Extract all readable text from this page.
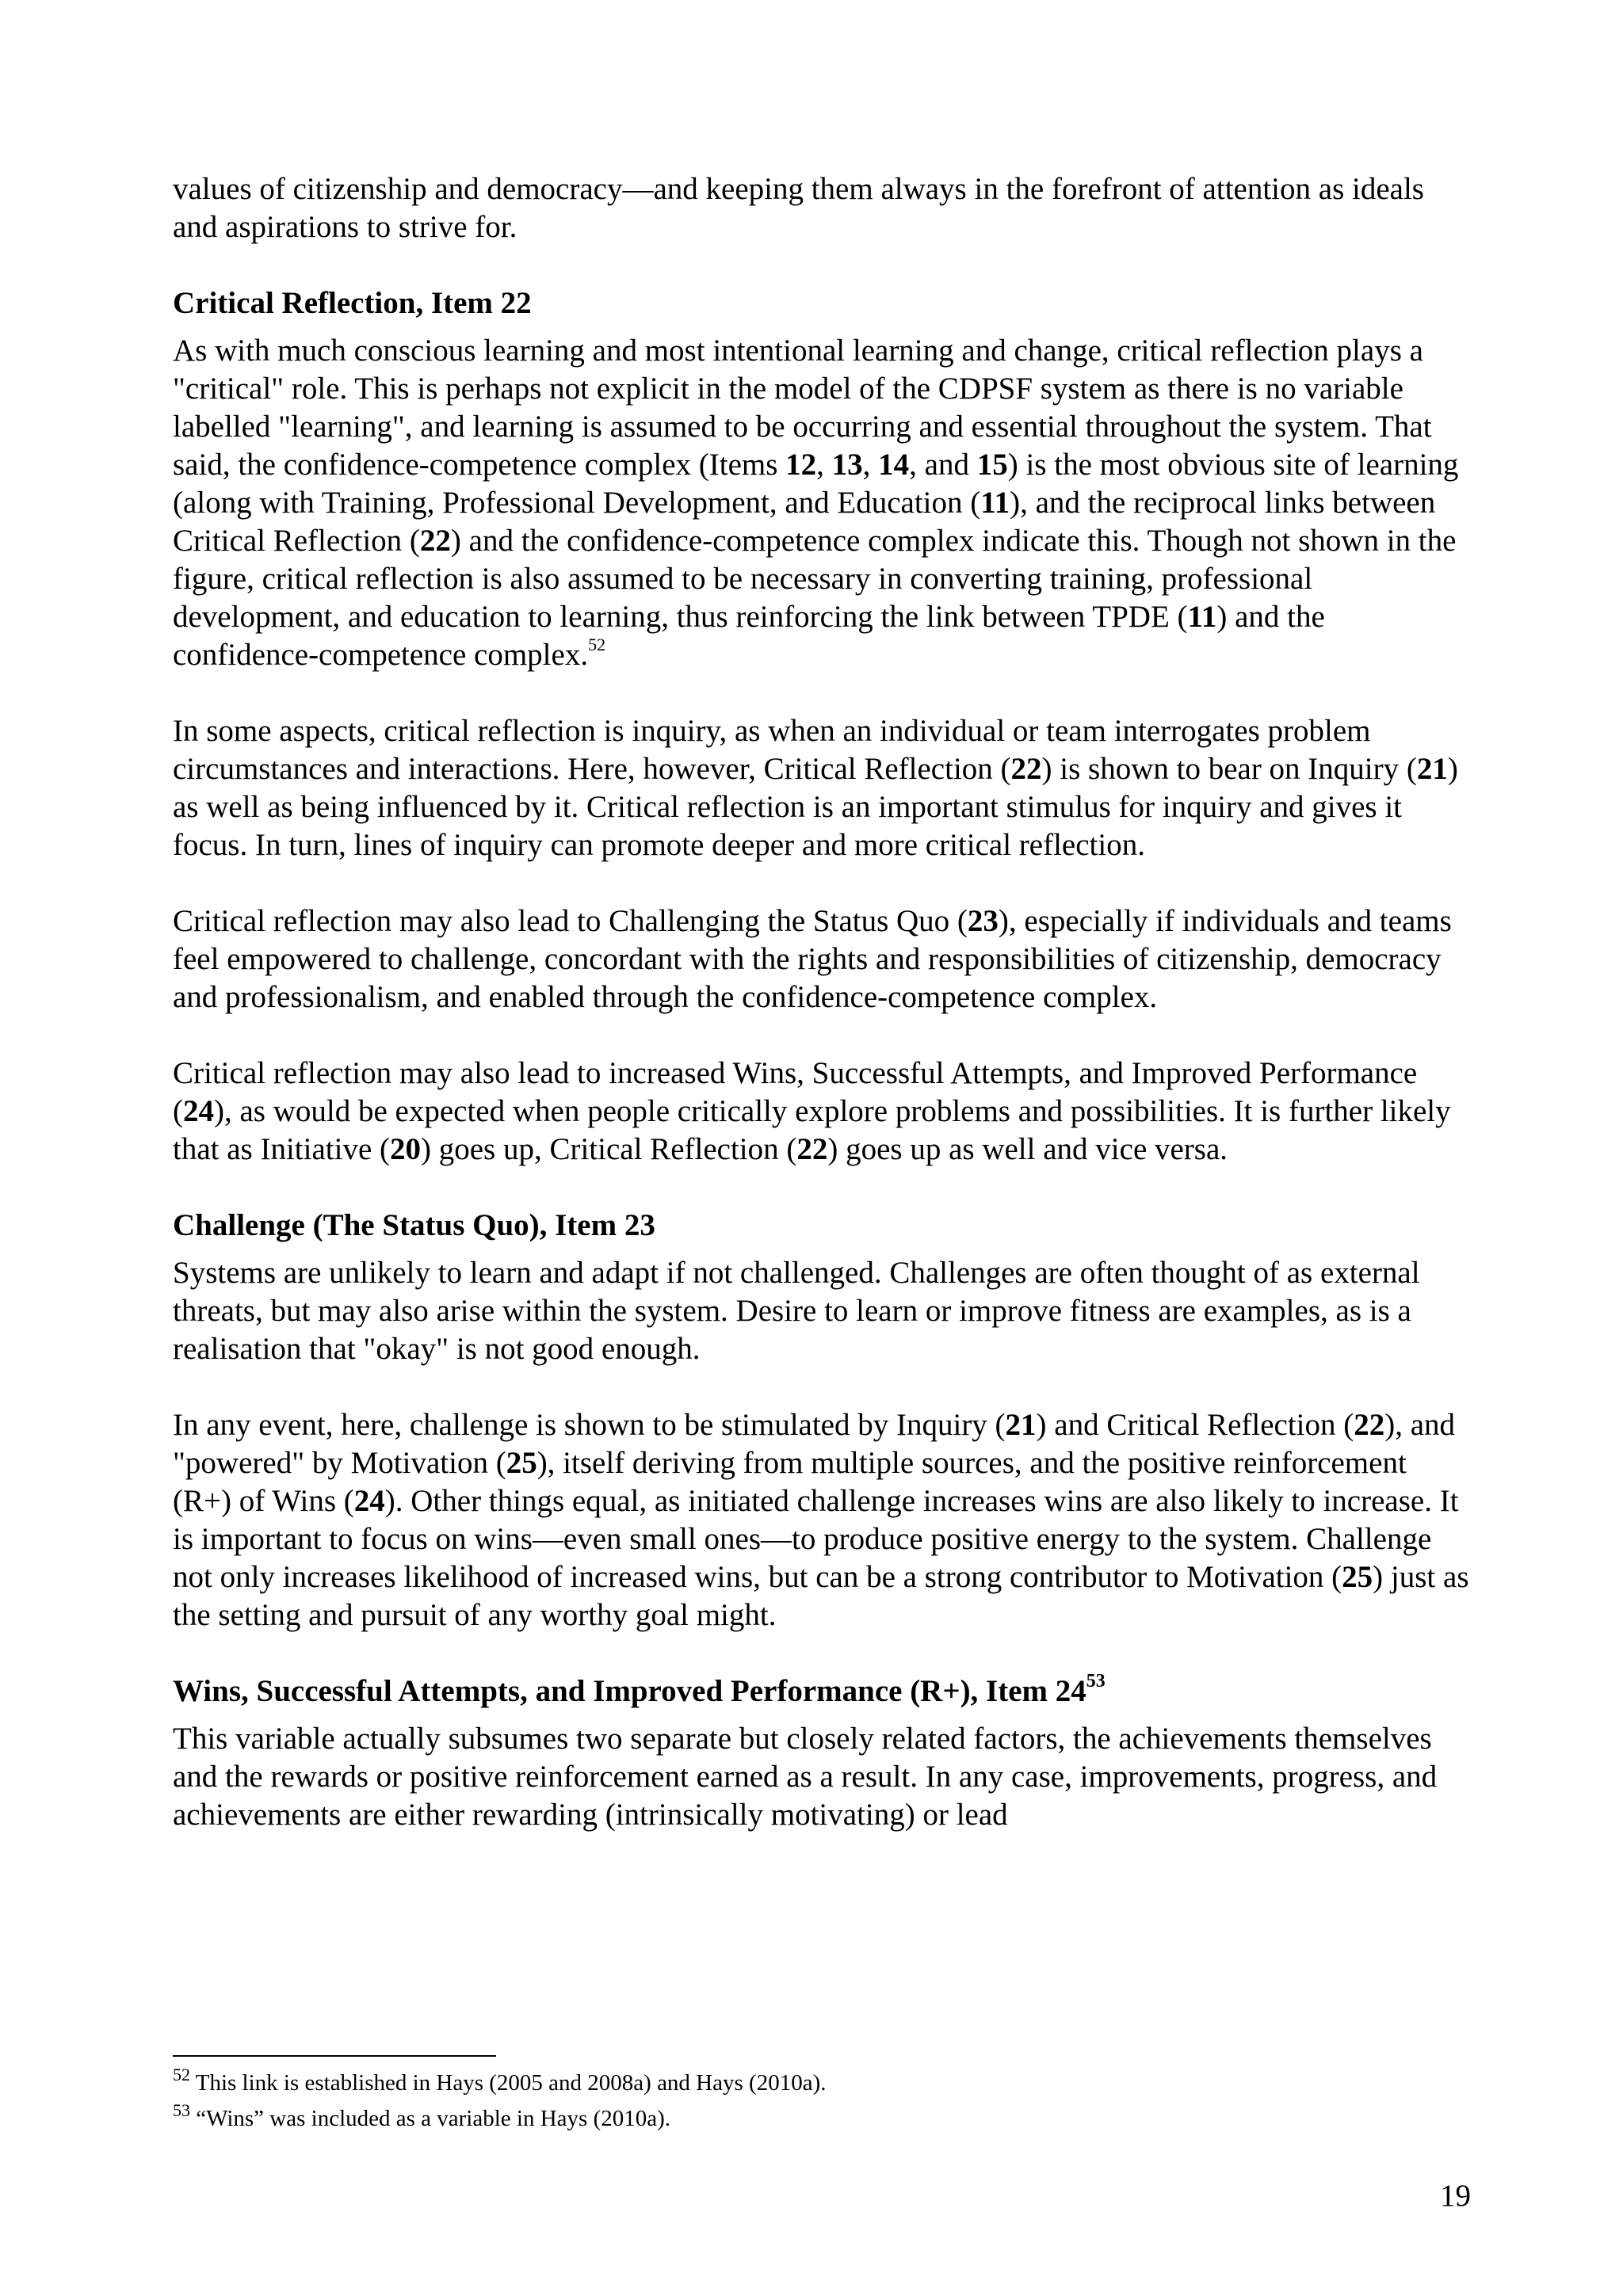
values of citizenship and democracy—and keeping them always in the forefront of attention as ideals and aspirations to strive for.

Critical Reflection, Item 22

As with much conscious learning and most intentional learning and change, critical reflection plays a "critical" role. This is perhaps not explicit in the model of the CDPSF system as there is no variable labelled "learning", and learning is assumed to be occurring and essential throughout the system. That said, the confidence-competence complex (Items 12, 13, 14, and 15) is the most obvious site of learning (along with Training, Professional Development, and Education (11), and the reciprocal links between Critical Reflection (22) and the confidence-competence complex indicate this. Though not shown in the figure, critical reflection is also assumed to be necessary in converting training, professional development, and education to learning, thus reinforcing the link between TPDE (11) and the confidence-competence complex.$^{52}$

In some aspects, critical reflection is inquiry, as when an individual or team interrogates problem circumstances and interactions. Here, however, Critical Reflection (22) is shown to bear on Inquiry (21) as well as being influenced by it. Critical reflection is an important stimulus for inquiry and gives it focus. In turn, lines of inquiry can promote deeper and more critical reflection.

Critical reflection may also lead to Challenging the Status Quo (23), especially if individuals and teams feel empowered to challenge, concordant with the rights and responsibilities of citizenship, democracy and professionalism, and enabled through the confidence-competence complex.

Critical reflection may also lead to increased Wins, Successful Attempts, and Improved Performance (24), as would be expected when people critically explore problems and possibilities. It is further likely that as Initiative (20) goes up, Critical Reflection (22) goes up as well and vice versa.

Challenge (The Status Quo), Item 23

Systems are unlikely to learn and adapt if not challenged. Challenges are often thought of as external threats, but may also arise within the system. Desire to learn or improve fitness are examples, as is a realisation that "okay" is not good enough.

In any event, here, challenge is shown to be stimulated by Inquiry (21) and Critical Reflection (22), and "powered" by Motivation (25), itself deriving from multiple sources, and the positive reinforcement (R+) of Wins (24). Other things equal, as initiated challenge increases wins are also likely to increase. It is important to focus on wins—even small ones—to produce positive energy to the system. Challenge not only increases likelihood of increased wins, but can be a strong contributor to Motivation (25) just as the setting and pursuit of any worthy goal might.

Wins, Successful Attempts, and Improved Performance (R+), Item 24$^{53}$

This variable actually subsumes two separate but closely related factors, the achievements themselves and the rewards or positive reinforcement earned as a result. In any case, improvements, progress, and achievements are either rewarding (intrinsically motivating) or lead

$^{52}$ This link is established in Hays (2005 and 2008a) and Hays (2010a).

$^{53}$ “Wins” was included as a variable in Hays (2010a).

19
